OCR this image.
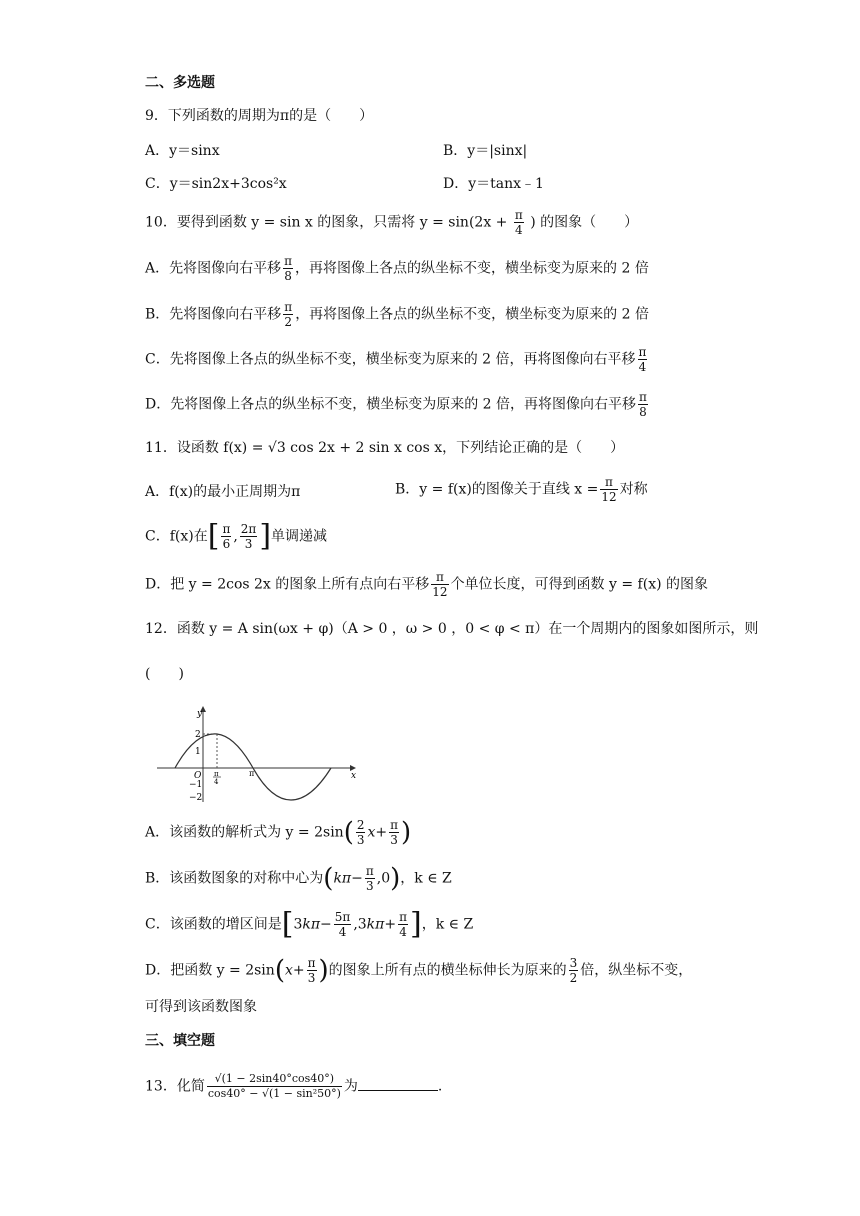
二、多选题
9．下列函数的周期为π的是（　　）
A．y＝sinx	B．y＝|sinx|
C．y＝sin2x+3cos²x	D．y＝tanx﹣1
10．要得到函数 y = sin x 的图象，只需将 $y = \sin(2x + \frac{\pi}{4}$ ) 的图象（　　）
A．先将图像向右平移 $\frac{\pi}{8}$ ，再将图像上各点的纵坐标不变，横坐标变为原来的 2 倍
B．先将图像向右平移 $\frac{\pi}{2}$ ，再将图像上各点的纵坐标不变，横坐标变为原来的 2 倍
C．先将图像上各点的纵坐标不变，横坐标变为原来的 2 倍，再将图像向右平移 $\frac{\pi}{4}$
D．先将图像上各点的纵坐标不变，横坐标变为原来的 2 倍，再将图像向右平移 $\frac{\pi}{8}$
11．设函数 f(x) = √3 cos 2x + 2 sin x cos x，下列结论正确的是（　　）
A．f(x)的最小正周期为π	B．y = f(x)的图像关于直线 $x = \frac{\pi}{12}$ 对称
C．f(x)在[ $\frac{\pi}{6}$ , $\frac{2\pi}{3}$ ]单调递减
D．把 y = 2cos 2x 的图象上所有点向右平移 $\frac{\pi}{12}$ 个单位长度，可得到函数 y = f(x) 的图象
12．函数 y = A sin(ωx + φ)（A > 0 ，ω > 0 ，0 < φ < π）在一个周期内的图象如图所示，则
(　　)
y
x
O
2
1
−1
−2
π
4
π
A．该函数的解析式为 $y = 2\sin( \frac{2}{3} x+ \frac{\pi}{3}$ )
B．该函数图象的对称中心为$(k\pi- \frac{\pi}{3} ,0)$，k ∈ Z
C．该函数的增区间是[$3k\pi- \frac{5\pi}{4} ,3k\pi+ \frac{\pi}{4}$ ]，k ∈ Z
D．把函数 $y = 2\sin(x+ \frac{\pi}{3}$ )的图象上所有点的横坐标伸长为原来的 $\frac{3}{2}$ 倍，纵坐标不变，
可得到该函数图象
三、填空题
13．化简 $\frac{√(1 - 2\sin 40^\circ\cos 40^\circ)}{\text{cos40° − √(1 − sin²50°)}}$ 为	.
